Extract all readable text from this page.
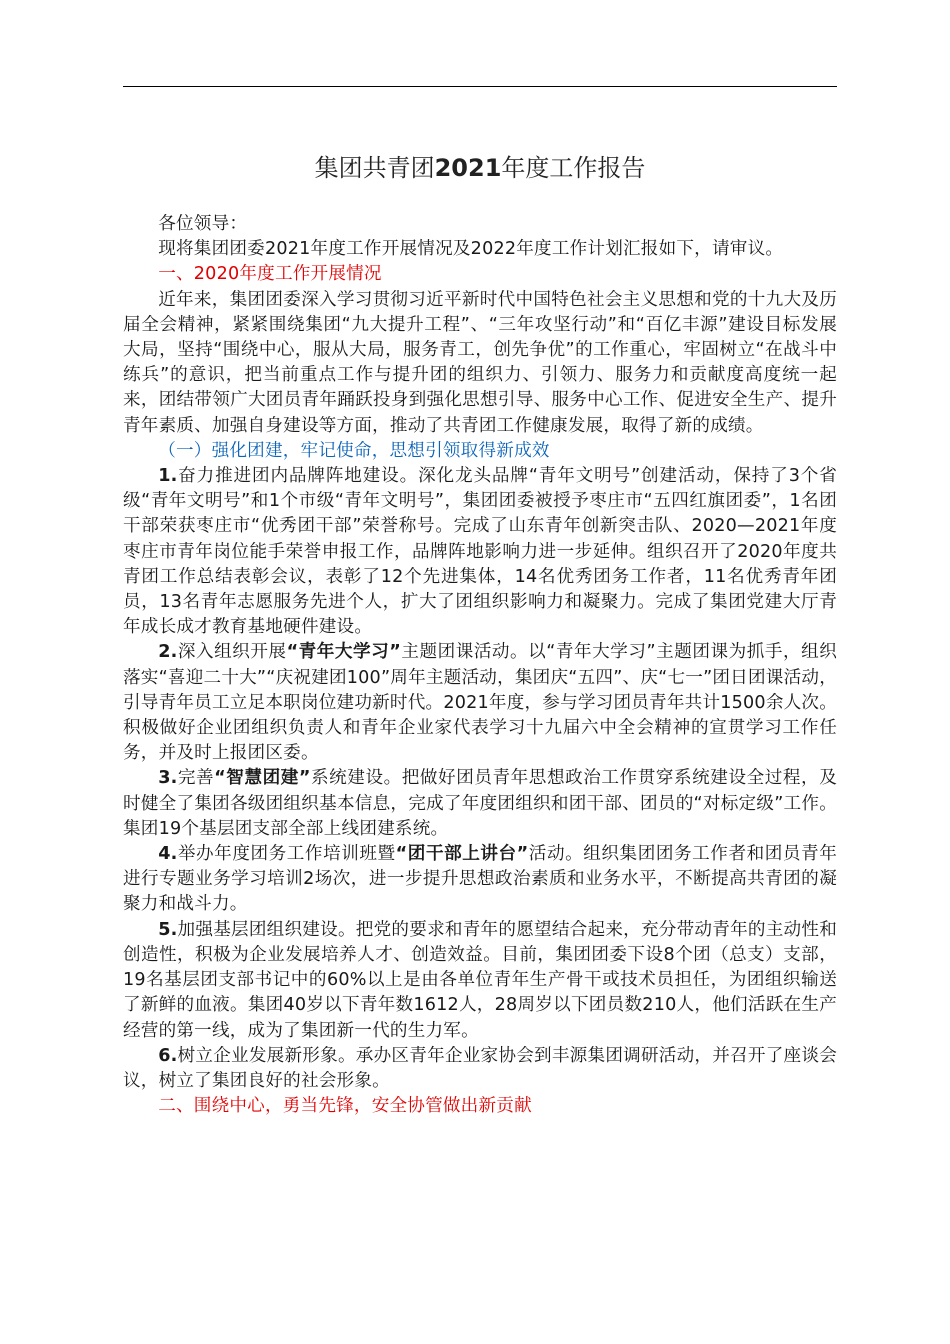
集团共青团2021年度工作报告

各位领导：

现将集团团委2021年度工作开展情况及2022年度工作计划汇报如下，请审议。

一、2020年度工作开展情况

近年来，集团团委深入学习贯彻习近平新时代中国特色社会主义思想和党的十九大及历届全会精神，紧紧围绕集团“九大提升工程”、“三年攻坚行动”和“百亿丰源”建设目标发展大局，坚持“围绕中心，服从大局，服务青工，创先争优”的工作重心，牢固树立“在战斗中练兵”的意识，把当前重点工作与提升团的组织力、引领力、服务力和贡献度高度统一起来，团结带领广大团员青年踊跃投身到强化思想引导、服务中心工作、促进安全生产、提升青年素质、加强自身建设等方面，推动了共青团工作健康发展，取得了新的成绩。

（一）强化团建，牢记使命，思想引领取得新成效

1.奋力推进团内品牌阵地建设。深化龙头品牌“青年文明号”创建活动，保持了3个省级“青年文明号”和1个市级“青年文明号”，集团团委被授予枣庄市“五四红旗团委”，1名团干部荣获枣庄市“优秀团干部”荣誉称号。完成了山东青年创新突击队、2020—2021年度枣庄市青年岗位能手荣誉申报工作，品牌阵地影响力进一步延伸。组织召开了2020年度共青团工作总结表彰会议，表彰了12个先进集体，14名优秀团务工作者，11名优秀青年团员，13名青年志愿服务先进个人，扩大了团组织影响力和凝聚力。完成了集团党建大厅青年成长成才教育基地硬件建设。

2.深入组织开展“青年大学习”主题团课活动。以“青年大学习”主题团课为抓手，组织落实“喜迎二十大”“庆祝建团100”周年主题活动，集团庆“五四”、庆“七一”团日团课活动，引导青年员工立足本职岗位建功新时代。2021年度，参与学习团员青年共计1500余人次。积极做好企业团组织负责人和青年企业家代表学习十九届六中全会精神的宣贯学习工作任务，并及时上报团区委。

3.完善“智慧团建”系统建设。把做好团员青年思想政治工作贯穿系统建设全过程，及时健全了集团各级团组织基本信息，完成了年度团组织和团干部、团员的“对标定级”工作。集团19个基层团支部全部上线团建系统。

4.举办年度团务工作培训班暨“团干部上讲台”活动。组织集团团务工作者和团员青年进行专题业务学习培训2场次，进一步提升思想政治素质和业务水平，不断提高共青团的凝聚力和战斗力。

5.加强基层团组织建设。把党的要求和青年的愿望结合起来，充分带动青年的主动性和创造性，积极为企业发展培养人才、创造效益。目前，集团团委下设8个团（总支）支部，19名基层团支部书记中的60%以上是由各单位青年生产骨干或技术员担任，为团组织输送了新鲜的血液。集团40岁以下青年数1612人，28周岁以下团员数210人，他们活跃在生产经营的第一线，成为了集团新一代的生力军。

6.树立企业发展新形象。承办区青年企业家协会到丰源集团调研活动，并召开了座谈会议，树立了集团良好的社会形象。

二、围绕中心，勇当先锋，安全协管做出新贡献
